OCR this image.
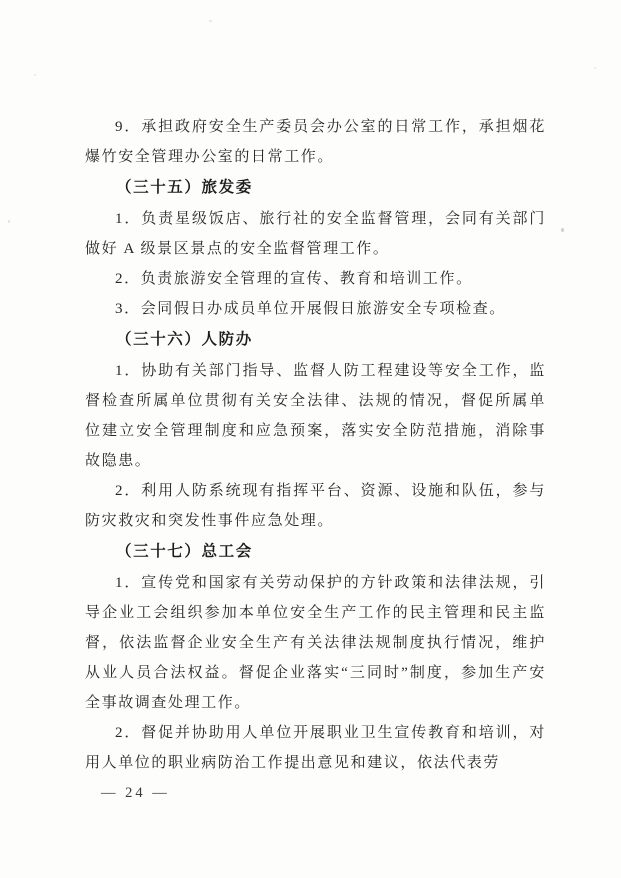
9．承担政府安全生产委员会办公室的日常工作，承担烟花爆竹安全管理办公室的日常工作。

（三十五）旅发委

1．负责星级饭店、旅行社的安全监督管理，会同有关部门做好 A 级景区景点的安全监督管理工作。

2．负责旅游安全管理的宣传、教育和培训工作。

3．会同假日办成员单位开展假日旅游安全专项检查。

（三十六）人防办

1．协助有关部门指导、监督人防工程建设等安全工作，监督检查所属单位贯彻有关安全法律、法规的情况，督促所属单位建立安全管理制度和应急预案，落实安全防范措施，消除事故隐患。

2．利用人防系统现有指挥平台、资源、设施和队伍，参与防灾救灾和突发性事件应急处理。

（三十七）总工会

1．宣传党和国家有关劳动保护的方针政策和法律法规，引导企业工会组织参加本单位安全生产工作的民主管理和民主监督，依法监督企业安全生产有关法律法规制度执行情况，维护从业人员合法权益。督促企业落实“三同时”制度，参加生产安全事故调查处理工作。

2．督促并协助用人单位开展职业卫生宣传教育和培训，对用人单位的职业病防治工作提出意见和建议，依法代表劳

— 24 —
